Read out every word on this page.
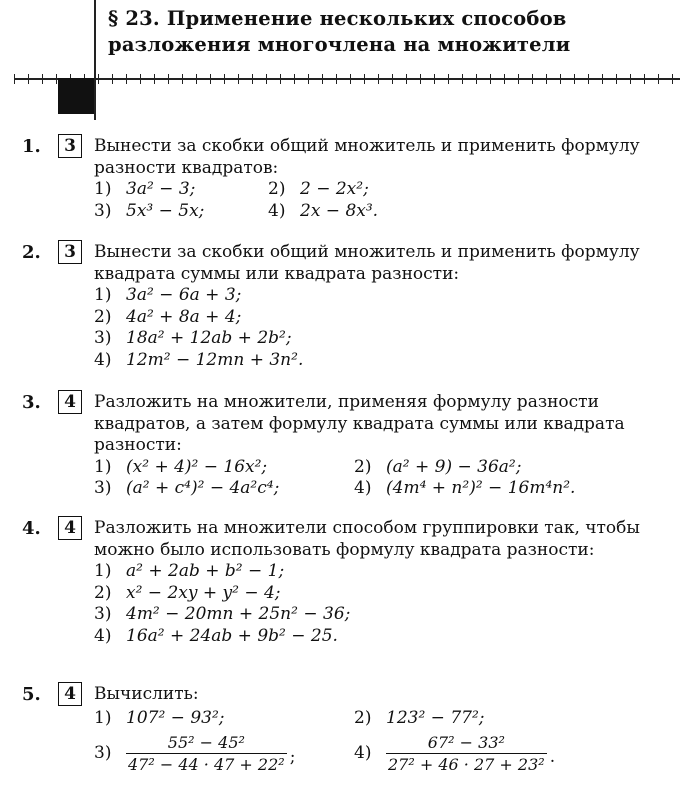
§ 23. Применение нескольких способов
разложения многочлена на множители
1.	3	Вынести за скобки общий множитель и применить формулу разности квадратов:
1) 3a² − 3;	2) 2 − 2x²;
3) 5x³ − 5x;	4) 2x − 8x³.
2.	3	Вынести за скобки общий множитель и применить формулу квадрата суммы или квадрата разности:
1) 3a² − 6a + 3;
2) 4a² + 8a + 4;
3) 18a² + 12ab + 2b²;
4) 12m² − 12mn + 3n².
3.	4	Разложить на множители, применяя формулу разности квадратов, а затем формулу квадрата суммы или квадрата разности:
1) (x² + 4)² − 16x²;	2) (a² + 9) − 36a²;
3) (a² + c⁴)² − 4a²c⁴;	4) (4m⁴ + n²)² − 16m⁴n².
4.	4	Разложить на множители способом группировки так, чтобы можно было использовать формулу квадрата разности:
1) a² + 2ab + b² − 1;
2) x² − 2xy + y² − 4;
3) 4m² − 20mn + 25n² − 36;
4) 16a² + 24ab + 9b² − 25.
5.	4	Вычислить:
1) 107² − 93²;	2) 123² − 77²;
$3) \frac{\text{55² − 45²}}{\text{47² − 44 · 47 + 22²}}$ ;	$4) \frac{\text{67² − 33²}}{\text{27² + 46 · 27 + 23²}}$ .
